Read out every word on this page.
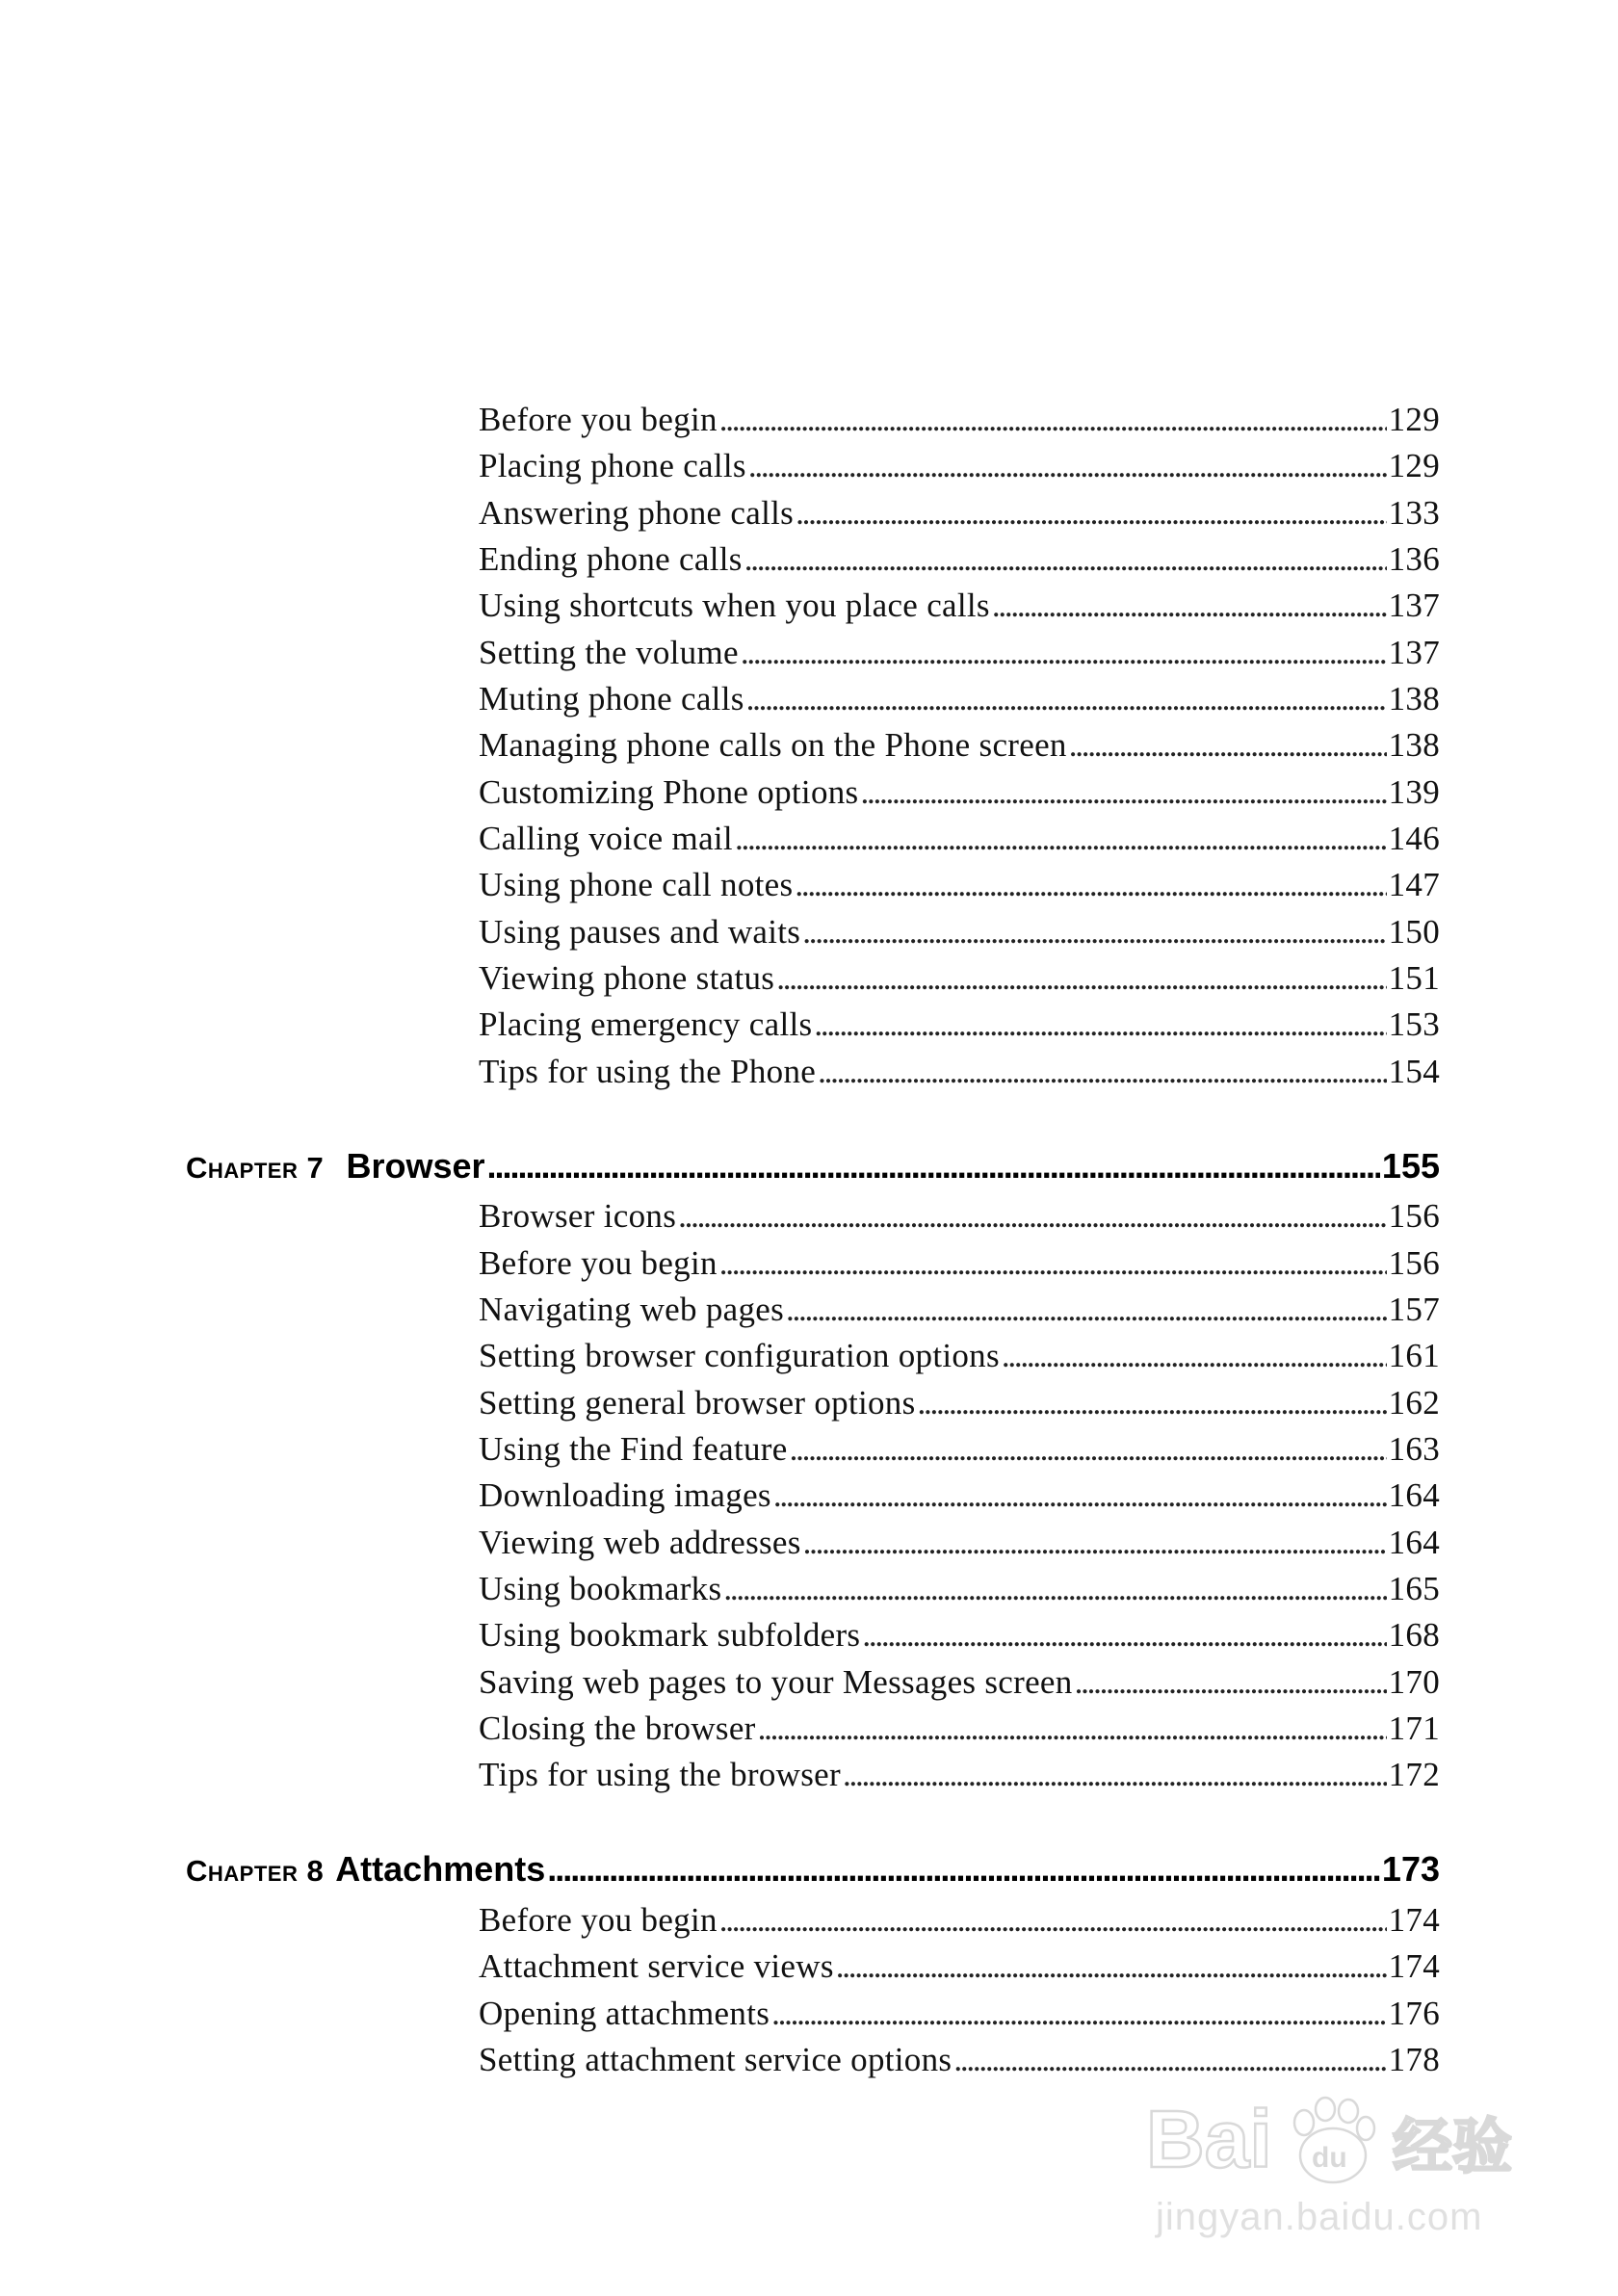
Before you begin . . .	129
Placing phone calls . . .	129
Answering phone calls . . .	133
Ending phone calls . . .	136
Using shortcuts when you place calls . . .	137
Setting the volume . . .	137
Muting phone calls . . .	138
Managing phone calls on the Phone screen . . .	138
Customizing Phone options . . .	139
Calling voice mail . . .	146
Using phone call notes . . .	147
Using pauses and waits . . .	150
Viewing phone status . . .	151
Placing emergency calls . . .	153
Tips for using the Phone . . .	154
Chapter 7 Browser . . .	155
Browser icons . . .	156
Before you begin . . .	156
Navigating web pages . . .	157
Setting browser configuration options . . .	161
Setting general browser options . . .	162
Using the Find feature . . .	163
Downloading images . . .	164
Viewing web addresses . . .	164
Using bookmarks . . .	165
Using bookmark subfolders . . .	168
Saving web pages to your Messages screen . . .	170
Closing the browser . . .	171
Tips for using the browser . . .	172
Chapter 8 Attachments . . .	173
Before you begin . . .	174
Attachment service views . . .	174
Opening attachments . . .	176
Setting attachment service options . . .	178
Bai du 经验
jingyan.baidu.com
